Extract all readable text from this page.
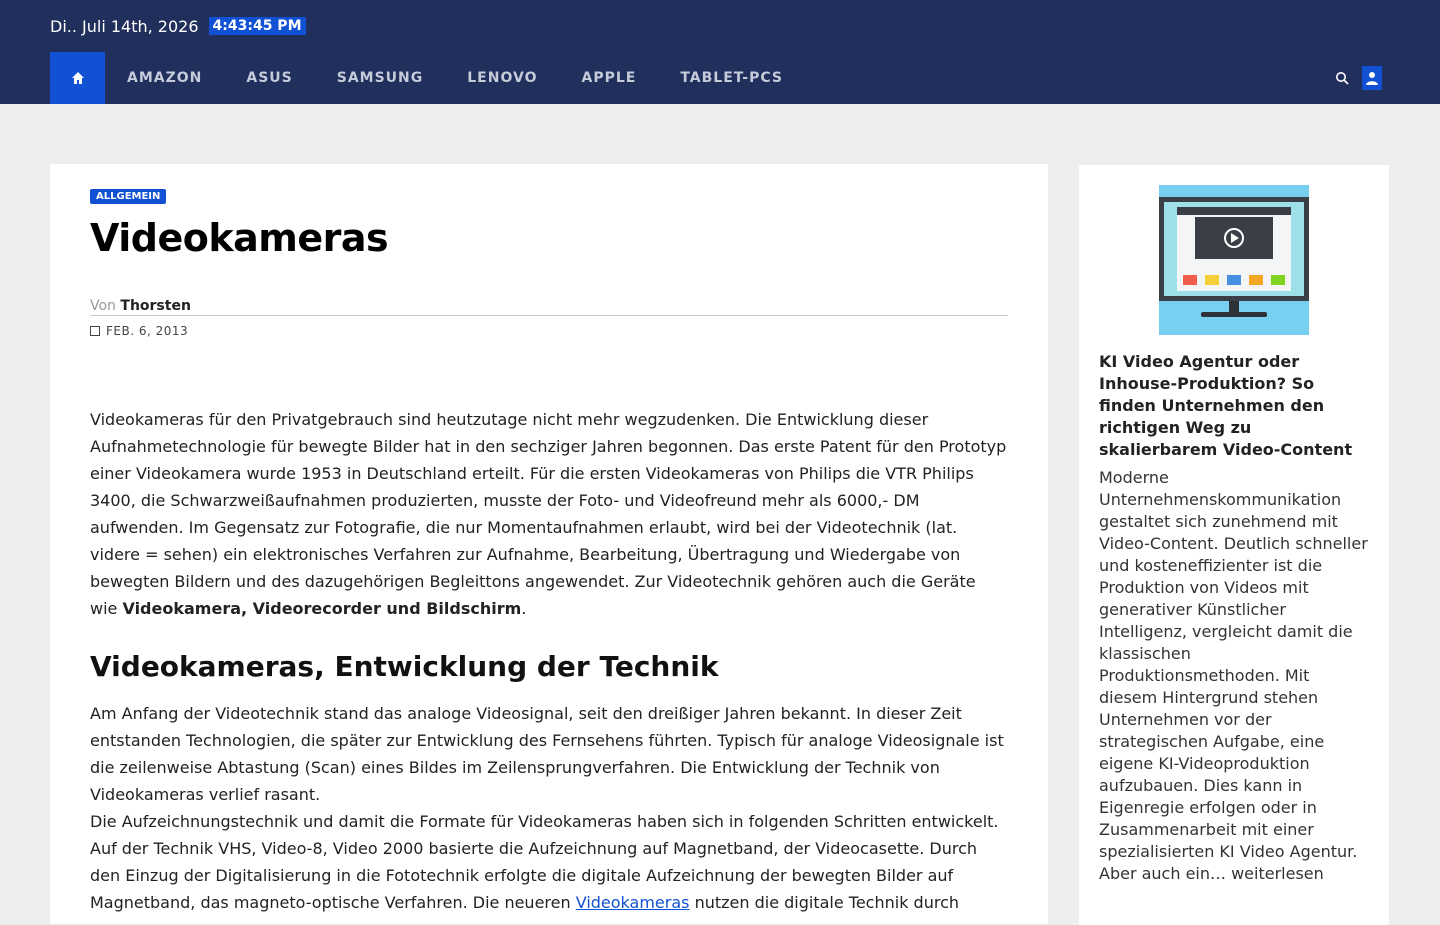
Di.. Juli 14th, 2026 4:43:45 PM
AMAZON	ASUS	SAMSUNG	LENOVO	APPLE	TABLET-PCS
ALLGEMEIN
Videokameras
Von Thorsten
FEB. 6, 2013

Videokameras für den Privatgebrauch sind heutzutage nicht mehr wegzudenken. Die Entwicklung dieser Aufnahmetechnologie für bewegte Bilder hat in den sechziger Jahren begonnen. Das erste Patent für den Prototyp einer Videokamera wurde 1953 in Deutschland erteilt. Für die ersten Videokameras von Philips die VTR Philips 3400, die Schwarzweißaufnahmen produzierten, musste der Foto- und Videofreund mehr als 6000,- DM aufwenden. Im Gegensatz zur Fotografie, die nur Momentaufnahmen erlaubt, wird bei der Videotechnik (lat. videre = sehen) ein elektronisches Verfahren zur Aufnahme, Bearbeitung, Übertragung und Wiedergabe von bewegten Bildern und des dazugehörigen Begleittons angewendet. Zur Videotechnik gehören auch die Geräte wie Videokamera, Videorecorder und Bildschirm.

Videokameras, Entwicklung der Technik

Am Anfang der Videotechnik stand das analoge Videosignal, seit den dreißiger Jahren bekannt. In dieser Zeit entstanden Technologien, die später zur Entwicklung des Fernsehens führten. Typisch für analoge Videosignale ist die zeilenweise Abtastung (Scan) eines Bildes im Zeilensprungverfahren. Die Entwicklung der Technik von Videokameras verlief rasant.

Die Aufzeichnungstechnik und damit die Formate für Videokameras haben sich in folgenden Schritten entwickelt. Auf der Technik VHS, Video-8, Video 2000 basierte die Aufzeichnung auf Magnetband, der Videocasette. Durch den Einzug der Digitalisierung in die Fototechnik erfolgte die digitale Aufzeichnung der bewegten Bilder auf Magnetband, das magneto-optische Verfahren. Die neueren Videokameras nutzen die digitale Technik durch

KI Video Agentur oder Inhouse-Produktion? So finden Unternehmen den richtigen Weg zu skalierbarem Video-Content
Moderne Unternehmenskommunikation gestaltet sich zunehmend mit Video-Content. Deutlich schneller und kosteneffizienter ist die Produktion von Videos mit generativer Künstlicher Intelligenz, vergleicht damit die klassischen Produktionsmethoden. Mit diesem Hintergrund stehen Unternehmen vor der strategischen Aufgabe, eine eigene KI-Videoproduktion aufzubauen. Dies kann in Eigenregie erfolgen oder in Zusammenarbeit mit einer spezialisierten KI Video Agentur. Aber auch ein… weiterlesen
